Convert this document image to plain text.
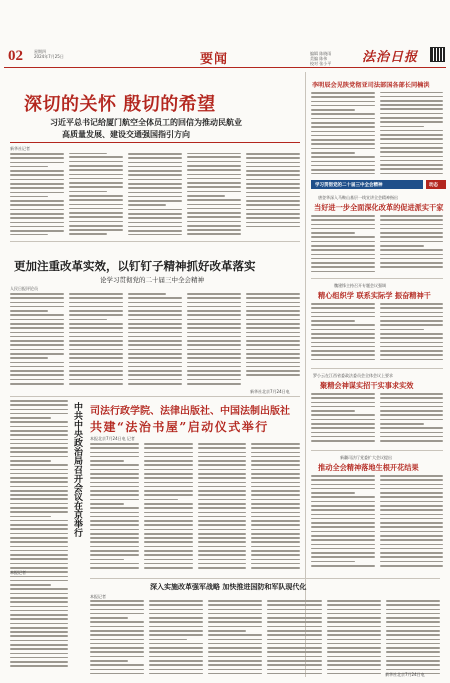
02	星期四
2024年7月25日	要闻	编辑 陈晓雨
美编 陈伟
校对 张小平 法治日报
深切的关怀 殷切的希望
习近平总书记给厦门航空全体员工的回信为推动民航业
高质量发展、建设交通强国指引方向
新华社记者
更加注重改革实效，以钉钉子精神抓好改革落实
论学习贯彻党的二十届三中全会精神
人民日报评论员
新华社北京7月24日电
中共中央政治局召开会议在京举行
本报记者
司法行政学院、法律出版社、中国法制出版社
共建“法治书屋”启动仪式举行
本报北京7月24日电 记者
深入实施改革强军战略 加快推进国防和军队现代化
本报记者
李明辰会见陕党彻亚司法部国各部长同楠洪
学习贯彻党的二十届三中全会精神	动态
唐登华深入马鞍山基层一线宣讲全会精神指出
当好进一步全面深化改革的促进派实干家
魏建锋主持召开专题会议强调
精心组织学 联系实际学 振奋精神干
罗小云在江西省委政法委员会全体会议上要求
聚精会神谋实招干实事求实效
新疆司法厅党委扩大会议提出
推动全会精神落地生根开花结果
新华社北京7月24日电
